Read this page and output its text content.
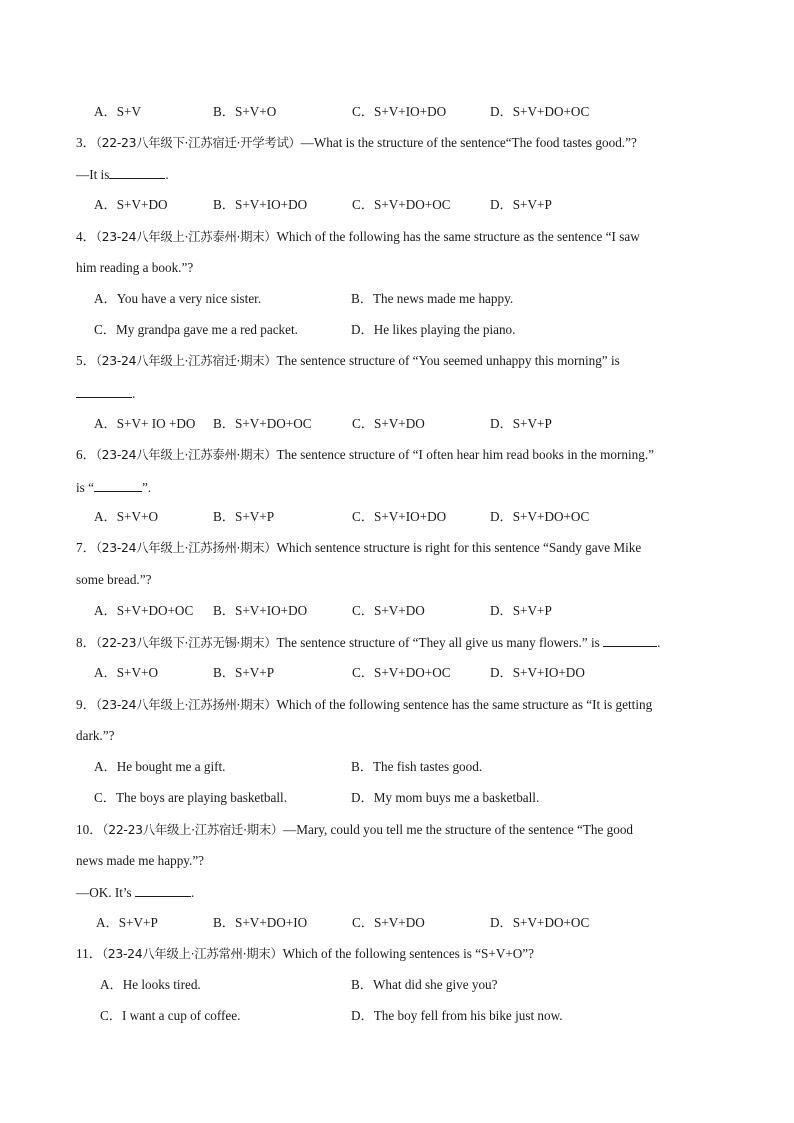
A．S+V	B．S+V+O	C．S+V+IO+DO	D．S+V+DO+OC
3．（22-23八年级下·江苏宿迁·开学考试）—What is the structure of the sentence“The food tastes good.”?
—It is	.
A．S+V+DO	B．S+V+IO+DO	C．S+V+DO+OC	D．S+V+P
4．（23-24八年级上·江苏泰州·期末）Which of the following has the same structure as the sentence “I saw
him reading a book.”?
A．You have a very nice sister.	B．The news made me happy.
C．My grandpa gave me a red packet.	D．He likes playing the piano.
5．（23-24八年级上·江苏宿迁·期末）The sentence structure of “You seemed unhappy this morning” is
.
A．S+V+ IO +DO B．S+V+DO+OC	C．S+V+DO	D．S+V+P
6．（23-24八年级上·江苏泰州·期末）The sentence structure of “I often hear him read books in the morning.”
is “	”.
A．S+V+O	B．S+V+P	C．S+V+IO+DO	D．S+V+DO+OC
7．（23-24八年级上·江苏扬州·期末）Which sentence structure is right for this sentence “Sandy gave Mike
some bread.”?
A．S+V+DO+OC B．S+V+IO+DO	C．S+V+DO	D．S+V+P
8．（22-23八年级下·江苏无锡·期末）The sentence structure of “They all give us many flowers.” is	.
A．S+V+O	B．S+V+P	C．S+V+DO+OC	D．S+V+IO+DO
9．（23-24八年级上·江苏扬州·期末）Which of the following sentence has the same structure as “It is getting
dark.”?
A．He bought me a gift.	B．The fish tastes good.
C．The boys are playing basketball.	D．My mom buys me a basketball.
10．（22-23八年级上·江苏宿迁·期末）—Mary, could you tell me the structure of the sentence “The good
news made me happy.”?
—OK. It’s	.
A．S+V+P	B．S+V+DO+IO	C．S+V+DO	D．S+V+DO+OC
11．（23-24八年级上·江苏常州·期末）Which of the following sentences is “S+V+O”?
A．He looks tired.	B．What did she give you?
C．I want a cup of coffee.	D．The boy fell from his bike just now.
